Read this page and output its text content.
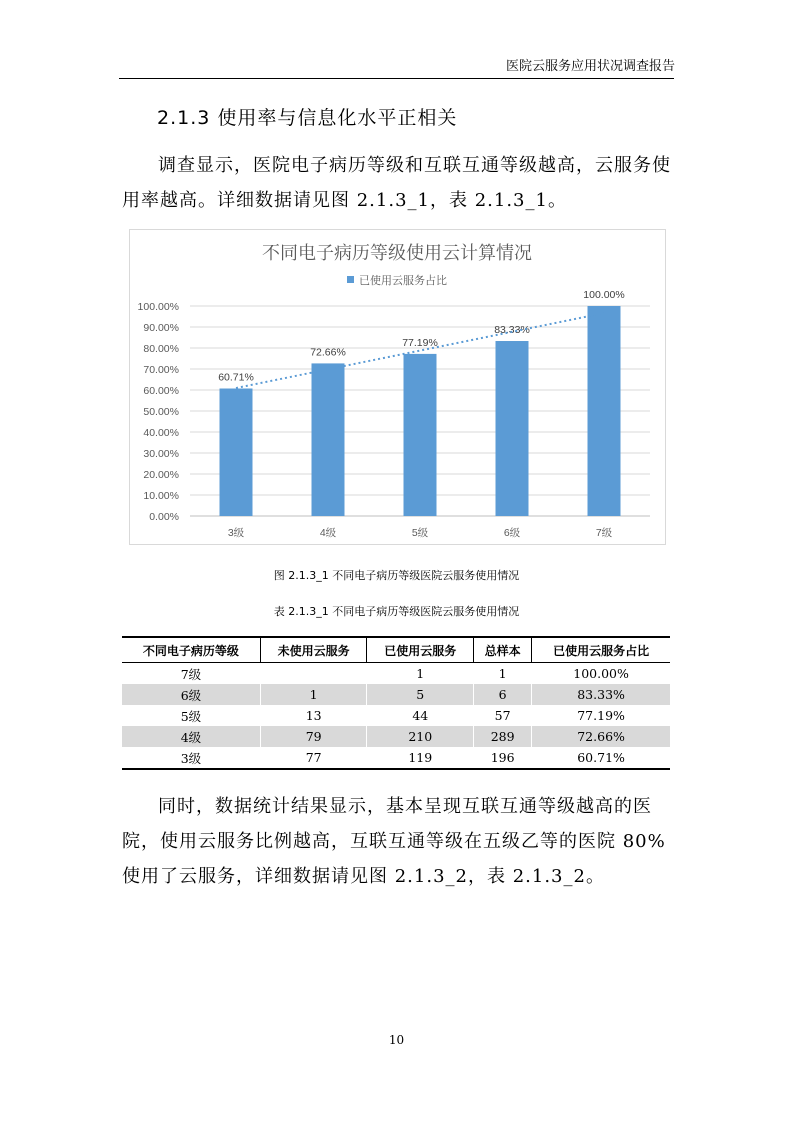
医院云服务应用状况调查报告
2.1.3 使用率与信息化水平正相关
调查显示，医院电子病历等级和互联互通等级越高，云服务使用率越高。详细数据请见图 2.1.3_1，表 2.1.3_1。
不同电子病历等级使用云计算情况
已使用云服务占比
0.00%
10.00%
20.00%
30.00%
40.00%
50.00%
60.00%
70.00%
80.00%
90.00%
100.00%
60.71%
3级
72.66%
4级
77.19%
5级
83.33%
6级
100.00%
7级
图 2.1.3_1 不同电子病历等级医院云服务使用情况
表 2.1.3_1 不同电子病历等级医院云服务使用情况
不同电子病历等级	未使用云服务	已使用云服务	总样本	已使用云服务占比
7级		1	1	100.00%
6级	1	5	6	83.33%
5级	13	44	57	77.19%
4级	79	210	289	72.66%
3级	77	119	196	60.71%
同时，数据统计结果显示，基本呈现互联互通等级越高的医院，使用云服务比例越高，互联互通等级在五级乙等的医院 80%使用了云服务，详细数据请见图 2.1.3_2，表 2.1.3_2。
10
